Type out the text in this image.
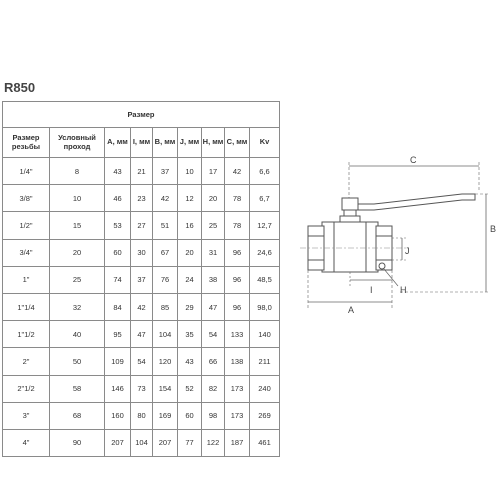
R850
Размер								
Размер резьбы	Условный проход	A, мм	I, мм	B, мм	J, мм	H, мм	C, мм	Kv
1/4"	8	43	21	37	10	17	42	6,6
3/8"	10	46	23	42	12	20	78	6,7
1/2"	15	53	27	51	16	25	78	12,7
3/4"	20	60	30	67	20	31	96	24,6
1"	25	74	37	76	24	38	96	48,5
1"1/4	32	84	42	85	29	47	96	98,0
1"1/2	40	95	47	104	35	54	133	140
2"	50	109	54	120	43	66	138	211
2"1/2	58	146	73	154	52	82	173	240
3"	68	160	80	169	60	98	173	269
4"	90	207	104	207	77	122	187	461
C
B
J
I	H
A
